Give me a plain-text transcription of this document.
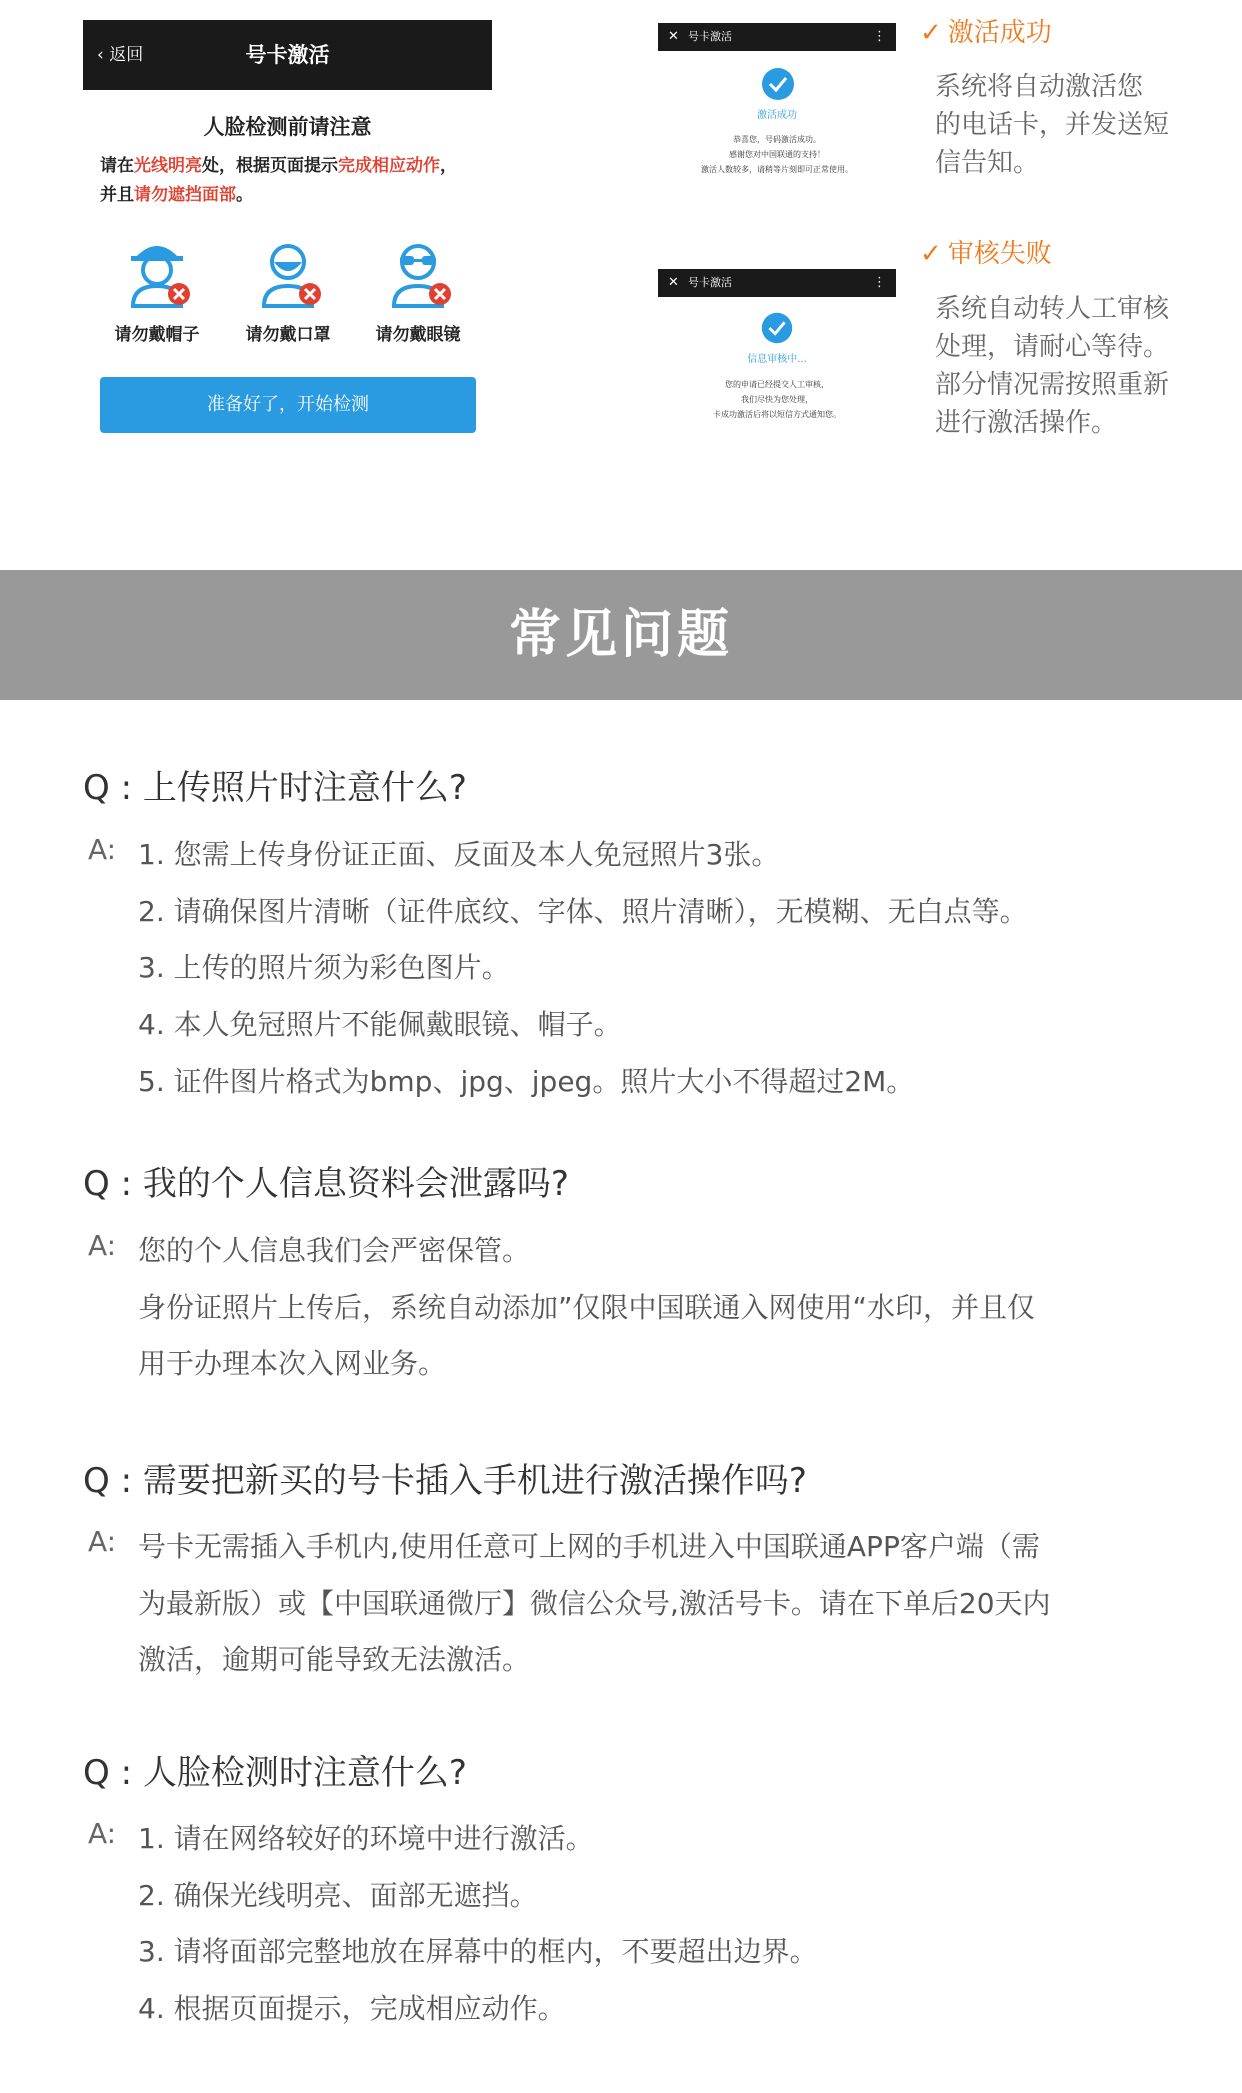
‹ 返回	号卡激活
人脸检测前请注意
请在光线明亮处，根据页面提示完成相应动作，
并且请勿遮挡面部。
请勿戴帽子	请勿戴口罩	请勿戴眼镜
准备好了，开始检测
✕ 号卡激活	⋮
激活成功
恭喜您，号码激活成功。
感谢您对中国联通的支持！
激活人数较多，请稍等片刻即可正常使用。
✕ 号卡激活	⋮
信息审核中...
您的申请已经提交人工审核，
我们尽快为您处理，
卡成功激活后将以短信方式通知您。
✓ 激活成功
系统将自动激活您
的电话卡，并发送短
信告知。
✓ 审核失败
系统自动转人工审核
处理，请耐心等待。
部分情况需按照重新
进行激活操作。
常见问题
Q : 上传照片时注意什么?
A: 1. 您需上传身份证正面、反面及本人免冠照片3张。
2. 请确保图片清晰（证件底纹、字体、照片清晰），无模糊、无白点等。
3. 上传的照片须为彩色图片。
4. 本人免冠照片不能佩戴眼镜、帽子。
5. 证件图片格式为bmp、jpg、jpeg。照片大小不得超过2M。
Q : 我的个人信息资料会泄露吗?
A: 您的个人信息我们会严密保管。
身份证照片上传后，系统自动添加”仅限中国联通入网使用“水印，并且仅
用于办理本次入网业务。
Q : 需要把新买的号卡插入手机进行激活操作吗?
A: 号卡无需插入手机内,使用任意可上网的手机进入中国联通APP客户端（需
为最新版）或【中国联通微厅】微信公众号,激活号卡。请在下单后20天内
激活，逾期可能导致无法激活。
Q : 人脸检测时注意什么?
A: 1. 请在网络较好的环境中进行激活。
2. 确保光线明亮、面部无遮挡。
3. 请将面部完整地放在屏幕中的框内，不要超出边界。
4. 根据页面提示，完成相应动作。
